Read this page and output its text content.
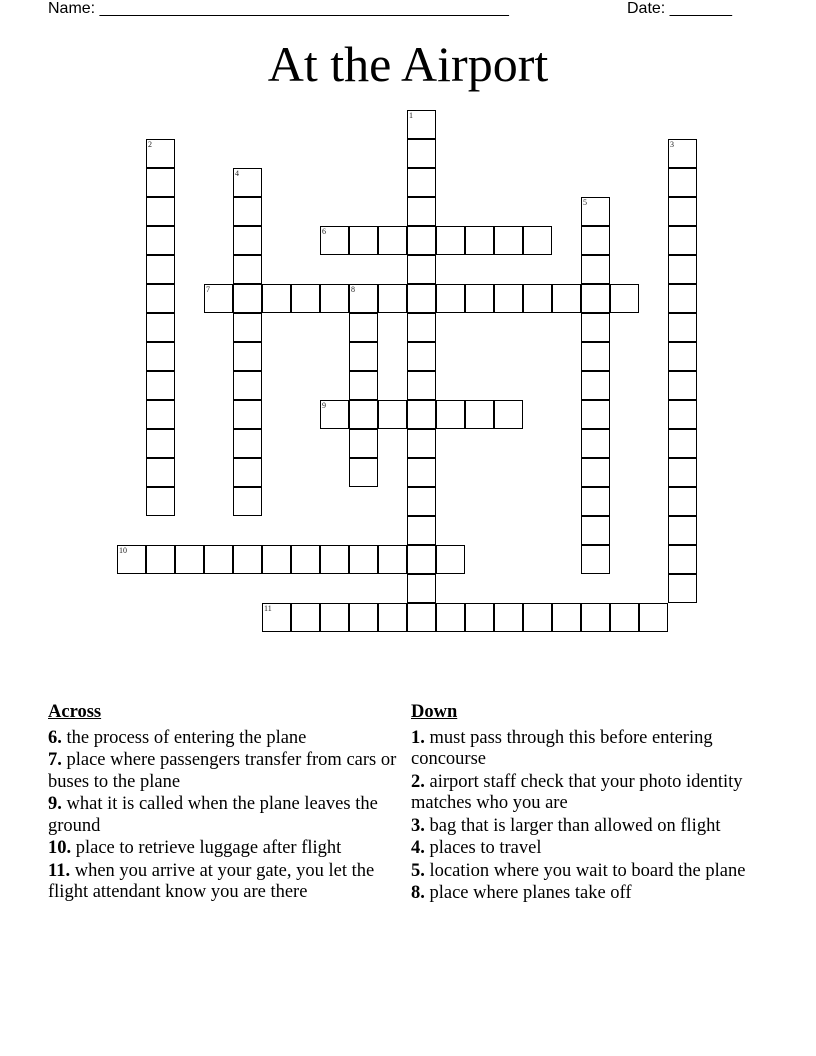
Name: ______________________________________________	Date: _______
At the Airport
1
2	3
4
5
6
7	8
9
10
11
Across
6. the process of entering the plane
7. place where passengers transfer from cars or buses to the plane
9. what it is called when the plane leaves the ground
10. place to retrieve luggage after flight
11. when you arrive at your gate, you let the flight attendant know you are there
Down
1. must pass through this before entering concourse
2. airport staff check that your photo identity matches who you are
3. bag that is larger than allowed on flight
4. places to travel
5. location where you wait to board the plane
8. place where planes take off
